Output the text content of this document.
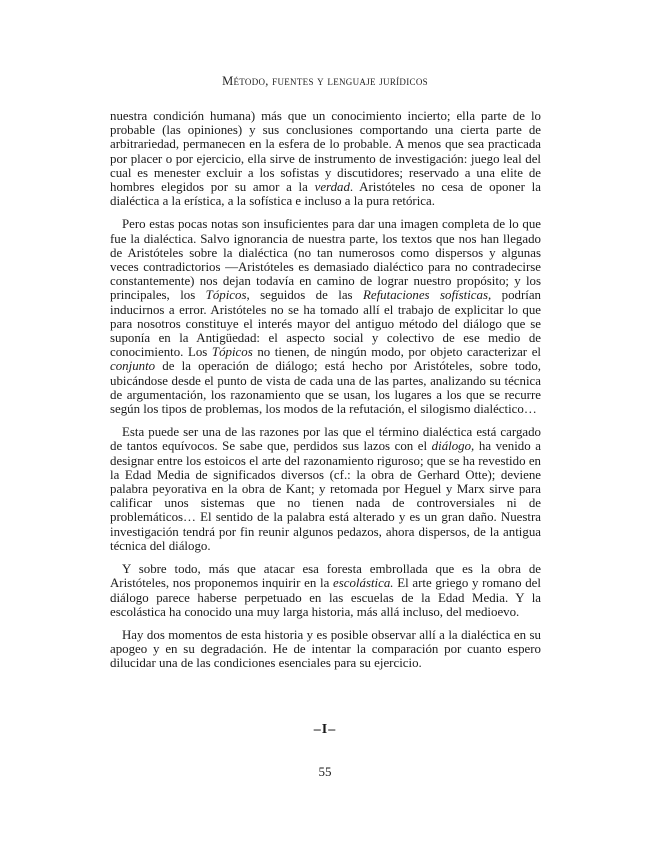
Método, fuentes y lenguaje jurídicos

nuestra condición humana) más que un conocimiento incierto; ella parte de lo probable (las opiniones) y sus conclusiones comportando una cierta parte de arbitrariedad, permanecen en la esfera de lo probable. A menos que sea practicada por placer o por ejercicio, ella sirve de instrumento de investigación: juego leal del cual es menester excluir a los sofistas y discutidores; reservado a una elite de hombres elegidos por su amor a la verdad. Aristóteles no cesa de oponer la dialéctica a la erística, a la sofística e incluso a la pura retórica.

Pero estas pocas notas son insuficientes para dar una imagen completa de lo que fue la dialéctica. Salvo ignorancia de nuestra parte, los textos que nos han llegado de Aristóteles sobre la dialéctica (no tan numerosos como dispersos y algunas veces contradictorios —Aristóteles es demasiado dialéctico para no contradecirse constantemente) nos dejan todavía en camino de lograr nuestro propósito; y los principales, los Tópicos, seguidos de las Refutaciones sofísticas, podrían inducirnos a error. Aristóteles no se ha tomado allí el trabajo de explicitar lo que para nosotros constituye el interés mayor del antiguo método del diálogo que se suponía en la Antigüedad: el aspecto social y colectivo de ese medio de conocimiento. Los Tópicos no tienen, de ningún modo, por objeto caracterizar el conjunto de la operación de diálogo; está hecho por Aristóteles, sobre todo, ubicándose desde el punto de vista de cada una de las partes, analizando su técnica de argumentación, los razonamiento que se usan, los lugares a los que se recurre según los tipos de problemas, los modos de la refutación, el silogismo dialéctico…

Esta puede ser una de las razones por las que el término dialéctica está cargado de tantos equívocos. Se sabe que, perdidos sus lazos con el diálogo, ha venido a designar entre los estoicos el arte del razonamiento riguroso; que se ha revestido en la Edad Media de significados diversos (cf.: la obra de Gerhard Otte); deviene palabra peyorativa en la obra de Kant; y retomada por Heguel y Marx sirve para calificar unos sistemas que no tienen nada de controversiales ni de problemáticos… El sentido de la palabra está alterado y es un gran daño. Nuestra investigación tendrá por fin reunir algunos pedazos, ahora dispersos, de la antigua técnica del diálogo.

Y sobre todo, más que atacar esa foresta embrollada que es la obra de Aristóteles, nos proponemos inquirir en la escolástica. El arte griego y romano del diálogo parece haberse perpetuado en las escuelas de la Edad Media. Y la escolástica ha conocido una muy larga historia, más allá incluso, del medioevo.

Hay dos momentos de esta historia y es posible observar allí a la dialéctica en su apogeo y en su degradación. He de intentar la comparación por cuanto espero dilucidar una de las condiciones esenciales para su ejercicio.

–I–
55
